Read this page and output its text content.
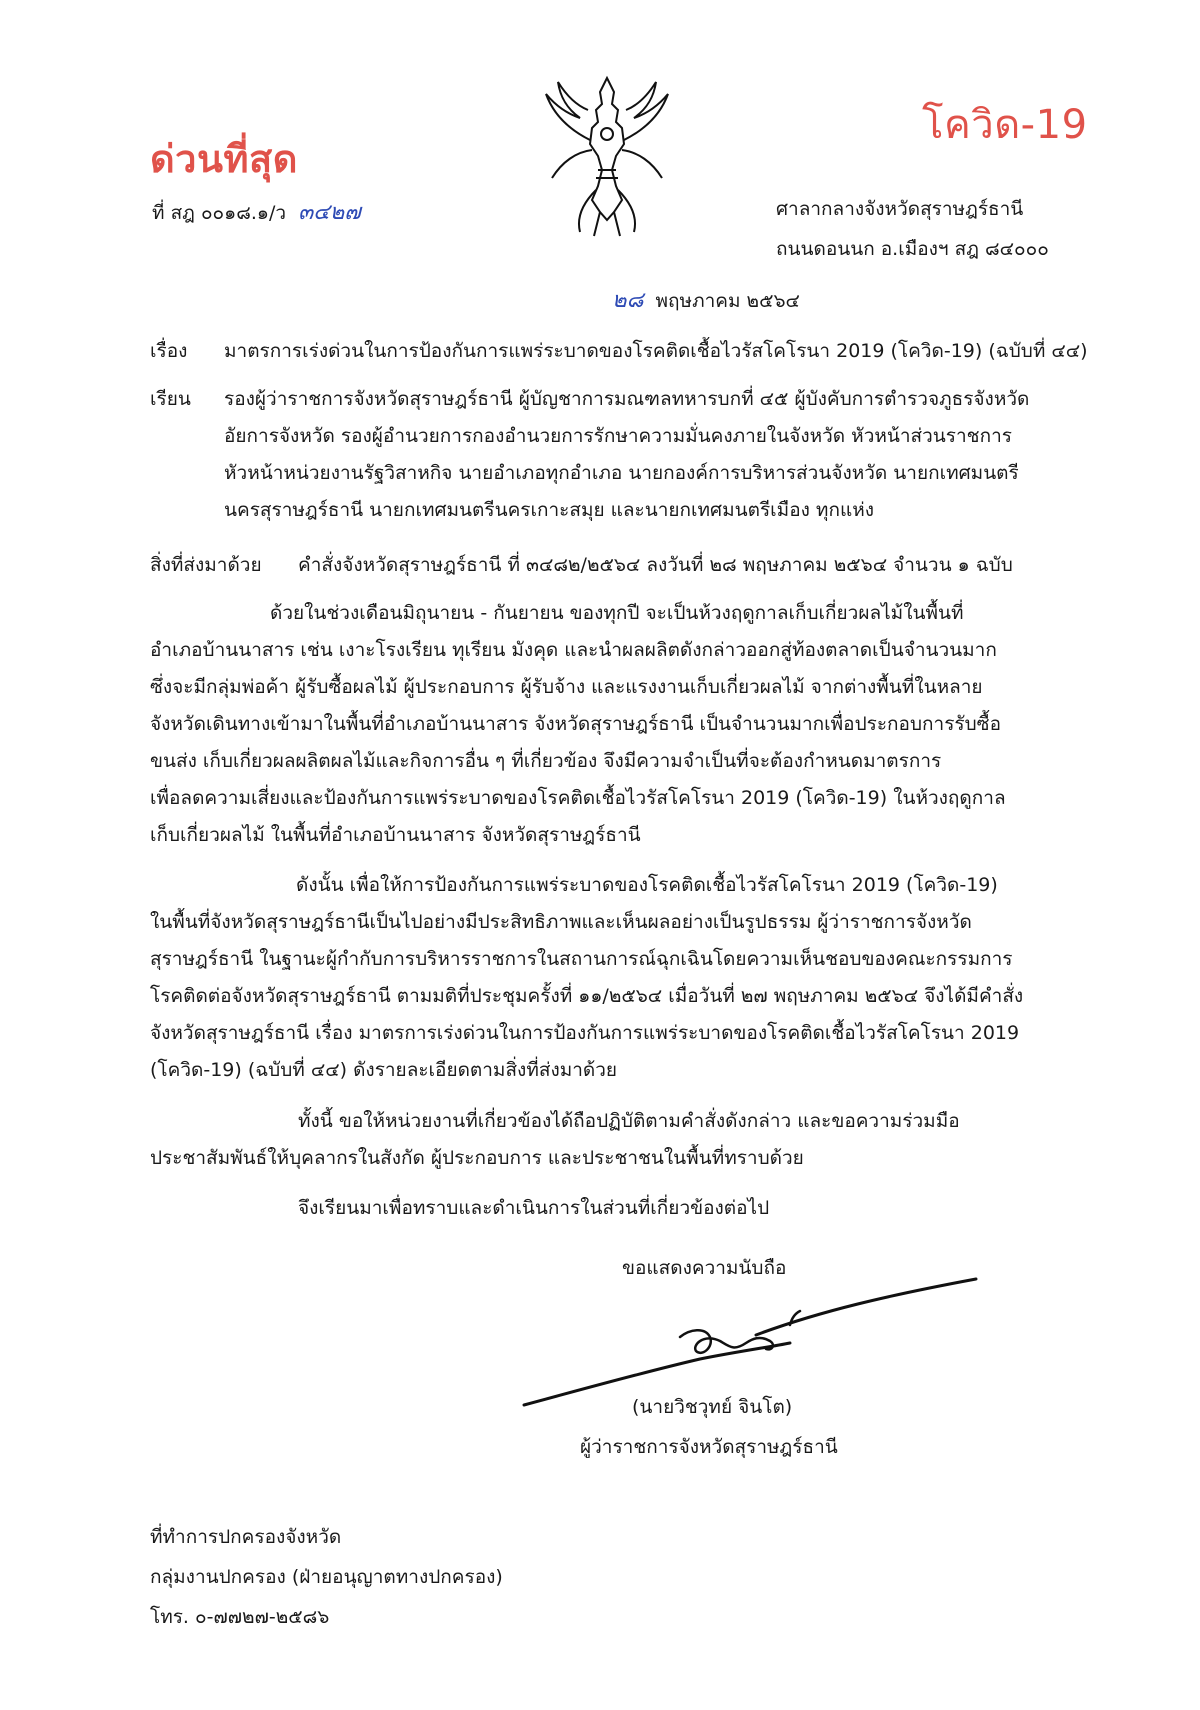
ด่วนที่สุด
โควิด-19
ที่ สฎ ๐๐๑๘.๑/ว ๓๔๒๗	ศาลากลางจังหวัดสุราษฎร์ธานี
ถนนดอนนก อ.เมืองฯ สฎ ๘๔๐๐๐
๒๘ พฤษภาคม ๒๕๖๔
เรื่อง มาตรการเร่งด่วนในการป้องกันการแพร่ระบาดของโรคติดเชื้อไวรัสโคโรนา 2019 (โควิด-19) (ฉบับที่ ๔๔)
เรียน รองผู้ว่าราชการจังหวัดสุราษฎร์ธานี ผู้บัญชาการมณฑลทหารบกที่ ๔๕ ผู้บังคับการตำรวจภูธรจังหวัด
อัยการจังหวัด รองผู้อำนวยการกองอำนวยการรักษาความมั่นคงภายในจังหวัด หัวหน้าส่วนราชการ
หัวหน้าหน่วยงานรัฐวิสาหกิจ นายอำเภอทุกอำเภอ นายกองค์การบริหารส่วนจังหวัด นายกเทศมนตรี
นครสุราษฎร์ธานี นายกเทศมนตรีนครเกาะสมุย และนายกเทศมนตรีเมือง ทุกแห่ง
สิ่งที่ส่งมาด้วย คำสั่งจังหวัดสุราษฎร์ธานี ที่ ๓๔๘๒/๒๕๖๔ ลงวันที่ ๒๘ พฤษภาคม ๒๕๖๔ จำนวน ๑ ฉบับ
ด้วยในช่วงเดือนมิถุนายน - กันยายน ของทุกปี จะเป็นห้วงฤดูกาลเก็บเกี่ยวผลไม้ในพื้นที่
อำเภอบ้านนาสาร เช่น เงาะโรงเรียน ทุเรียน มังคุด และนำผลผลิตดังกล่าวออกสู่ท้องตลาดเป็นจำนวนมาก
ซึ่งจะมีกลุ่มพ่อค้า ผู้รับซื้อผลไม้ ผู้ประกอบการ ผู้รับจ้าง และแรงงานเก็บเกี่ยวผลไม้ จากต่างพื้นที่ในหลาย
จังหวัดเดินทางเข้ามาในพื้นที่อำเภอบ้านนาสาร จังหวัดสุราษฎร์ธานี เป็นจำนวนมากเพื่อประกอบการรับซื้อ
ขนส่ง เก็บเกี่ยวผลผลิตผลไม้และกิจการอื่น ๆ ที่เกี่ยวข้อง จึงมีความจำเป็นที่จะต้องกำหนดมาตรการ
เพื่อลดความเสี่ยงและป้องกันการแพร่ระบาดของโรคติดเชื้อไวรัสโคโรนา 2019 (โควิด-19) ในห้วงฤดูกาล
เก็บเกี่ยวผลไม้ ในพื้นที่อำเภอบ้านนาสาร จังหวัดสุราษฎร์ธานี
ดังนั้น เพื่อให้การป้องกันการแพร่ระบาดของโรคติดเชื้อไวรัสโคโรนา 2019 (โควิด-19)
ในพื้นที่จังหวัดสุราษฎร์ธานีเป็นไปอย่างมีประสิทธิภาพและเห็นผลอย่างเป็นรูปธรรม ผู้ว่าราชการจังหวัด
สุราษฎร์ธานี ในฐานะผู้กำกับการบริหารราชการในสถานการณ์ฉุกเฉินโดยความเห็นชอบของคณะกรรมการ
โรคติดต่อจังหวัดสุราษฎร์ธานี ตามมติที่ประชุมครั้งที่ ๑๑/๒๕๖๔ เมื่อวันที่ ๒๗ พฤษภาคม ๒๕๖๔ จึงได้มีคำสั่ง
จังหวัดสุราษฎร์ธานี เรื่อง มาตรการเร่งด่วนในการป้องกันการแพร่ระบาดของโรคติดเชื้อไวรัสโคโรนา 2019
(โควิด-19) (ฉบับที่ ๔๔) ดังรายละเอียดตามสิ่งที่ส่งมาด้วย
ทั้งนี้ ขอให้หน่วยงานที่เกี่ยวข้องได้ถือปฏิบัติตามคำสั่งดังกล่าว และขอความร่วมมือ
ประชาสัมพันธ์ให้บุคลากรในสังกัด ผู้ประกอบการ และประชาชนในพื้นที่ทราบด้วย
จึงเรียนมาเพื่อทราบและดำเนินการในส่วนที่เกี่ยวข้องต่อไป
ขอแสดงความนับถือ
(นายวิชวุทย์ จินโต)
ผู้ว่าราชการจังหวัดสุราษฎร์ธานี
ที่ทำการปกครองจังหวัด
กลุ่มงานปกครอง (ฝ่ายอนุญาตทางปกครอง)
โทร. ๐-๗๗๒๗-๒๕๘๖
